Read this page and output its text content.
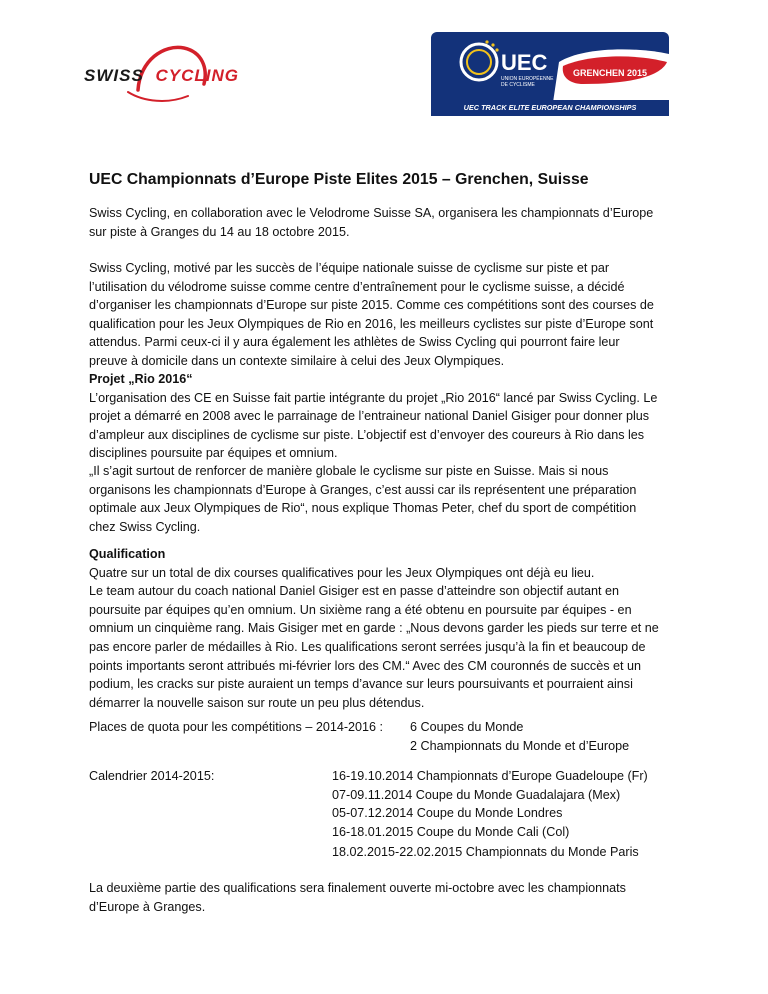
SWISS CYCLING
UEC
UNION EUROPÉENNE
DE CYCLISME
GRENCHEN 2015
UEC TRACK ELITE EUROPEAN CHAMPIONSHIPS
UEC Championnats d’Europe Piste Elites 2015 – Grenchen, Suisse
Swiss Cycling, en collaboration avec le Velodrome Suisse SA, organisera les championnats d’Europe
sur piste à Granges du 14 au 18 octobre 2015.
Swiss Cycling, motivé par les succès de l’équipe nationale suisse de cyclisme sur piste et par
l’utilisation du vélodrome suisse comme centre d’entraînement pour le cyclisme suisse, a décidé
d’organiser les championnats d’Europe sur piste 2015. Comme ces compétitions sont des courses de
qualification pour les Jeux Olympiques de Rio en 2016, les meilleurs cyclistes sur piste d’Europe sont
attendus. Parmi ceux-ci il y aura également les athlètes de Swiss Cycling qui pourront faire leur
preuve à domicile dans un contexte similaire à celui des Jeux Olympiques.
Projet „Rio 2016“
L’organisation des CE en Suisse fait partie intégrante du projet „Rio 2016“ lancé par Swiss Cycling. Le
projet a démarré en 2008 avec le parrainage de l’entraineur national Daniel Gisiger pour donner plus
d’ampleur aux disciplines de cyclisme sur piste. L’objectif est d’envoyer des coureurs à Rio dans les
disciplines poursuite par équipes et omnium.
„Il s’agit surtout de renforcer de manière globale le cyclisme sur piste en Suisse. Mais si nous
organisons les championnats d’Europe à Granges, c’est aussi car ils représentent une préparation
optimale aux Jeux Olympiques de Rio“, nous explique Thomas Peter, chef du sport de compétition
chez Swiss Cycling.
Qualification
Quatre sur un total de dix courses qualificatives pour les Jeux Olympiques ont déjà eu lieu.
Le team autour du coach national Daniel Gisiger est en passe d’atteindre son objectif autant en
poursuite par équipes qu’en omnium. Un sixième rang a été obtenu en poursuite par équipes - en
omnium un cinquième rang. Mais Gisiger met en garde : „Nous devons garder les pieds sur terre et ne
pas encore parler de médailles à Rio. Les qualifications seront serrées jusqu’à la fin et beaucoup de
points importants seront attribués mi-février lors des CM.“ Avec des CM couronnés de succès et un
podium, les cracks sur piste auraient un temps d’avance sur leurs poursuivants et pourraient ainsi
démarrer la nouvelle saison sur route un peu plus détendus.
Places de quota pour les compétitions – 2014-2016 : 6 Coupes du Monde
2 Championnats du Monde et d’Europe
Calendrier 2014-2015:	16-19.10.2014 Championnats d’Europe Guadeloupe (Fr)
07-09.11.2014 Coupe du Monde Guadalajara (Mex)
05-07.12.2014 Coupe du Monde Londres
16-18.01.2015 Coupe du Monde Cali (Col)
18.02.2015-22.02.2015 Championnats du Monde Paris
La deuxième partie des qualifications sera finalement ouverte mi-octobre avec les championnats
d’Europe à Granges.
